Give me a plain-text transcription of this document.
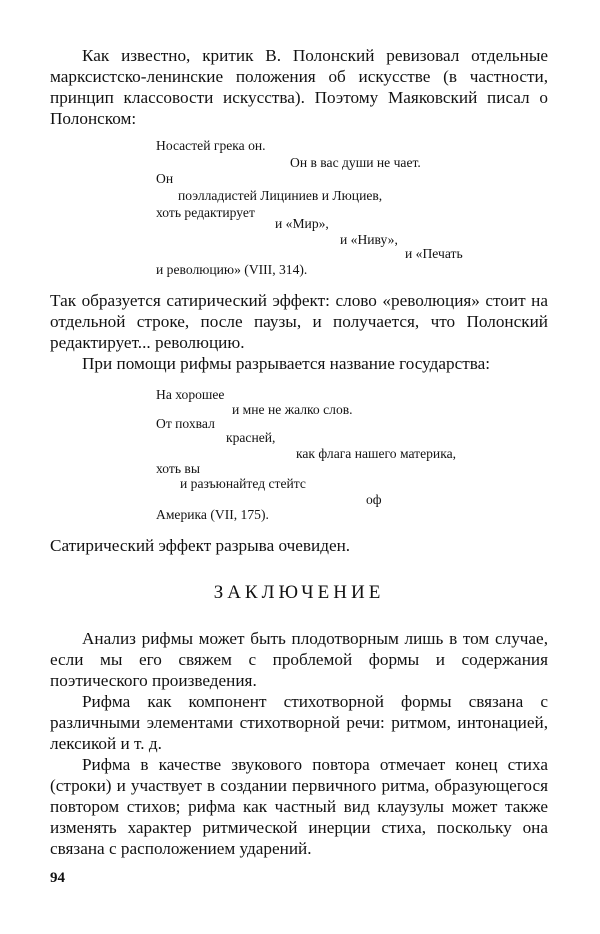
Как известно, критик В. Полонский ревизовал отдельные марксистско-ленинские положения об искусстве (в частности, принцип классовости искусства). Поэтому Маяковский писал о Полонском:

Носастей грека он.

Он в вас души не чает.

Он

поэлладистей Лициниев и Люциев,

хоть редактирует

и «Мир»,

и «Ниву»,

и «Печать

и революцию» (VIII, 314).

Так образуется сатирический эффект: слово «революция» стоит на отдельной строке, после паузы, и получается, что Полонский редактирует... революцию.

При помощи рифмы разрывается название государства:

На хорошее

и мне не жалко слов.

От похвал

красней,

как флага нашего материка,

хоть вы

и разъюнайтед стейтс

оф

Америка (VII, 175).

Сатирический эффект разрыва очевиден.

ЗАКЛЮЧЕНИЕ

Анализ рифмы может быть плодотворным лишь в том случае, если мы его свяжем с проблемой формы и содержания поэтического произведения.

Рифма как компонент стихотворной формы связана с различными элементами стихотворной речи: ритмом, интонацией, лексикой и т. д.

Рифма в качестве звукового повтора отмечает конец стиха (строки) и участвует в создании первичного ритма, образующегося повтором стихов; рифма как частный вид клаузулы может также изменять характер ритмической инерции стиха, поскольку она связана с расположением ударений.

94
